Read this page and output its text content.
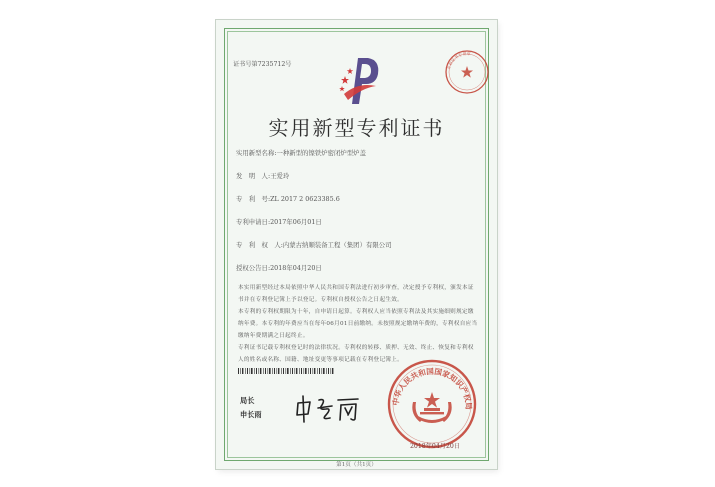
证书号第7235712号	专利证书专用章
实用新型专利证书
实用新型名称:一种新型的镍铁炉密闭炉型炉盖
发　明　人:王爱玲
专　利　号:ZL 2017 2 0623385.6
专利申请日:2017年06月01日
专　利　权　人:内蒙古纳顺装备工程（集团）有限公司
授权公告日:2018年04月20日
本实用新型经过本局依照中华人民共和国专利法进行初步审查，决定授予专利权，颁发本证书并在专利登记簿上予以登记。专利权自授权公告之日起生效。
本专利的专利权期限为十年，自申请日起算。专利权人应当依照专利法及其实施细则规定缴纳年费。本专利的年费应当在每年06月01日前缴纳。未按照规定缴纳年费的，专利权自应当缴纳年费期满之日起终止。
专利证书记载专利权登记时的法律状况。专利权的转移、质押、无效、终止、恢复和专利权人的姓名或名称、国籍、地址变更等事项记载在专利登记簿上。
局长
申长雨
中华人民共和国国家知识产权局
2018年04月20日
第1页（共1页）
